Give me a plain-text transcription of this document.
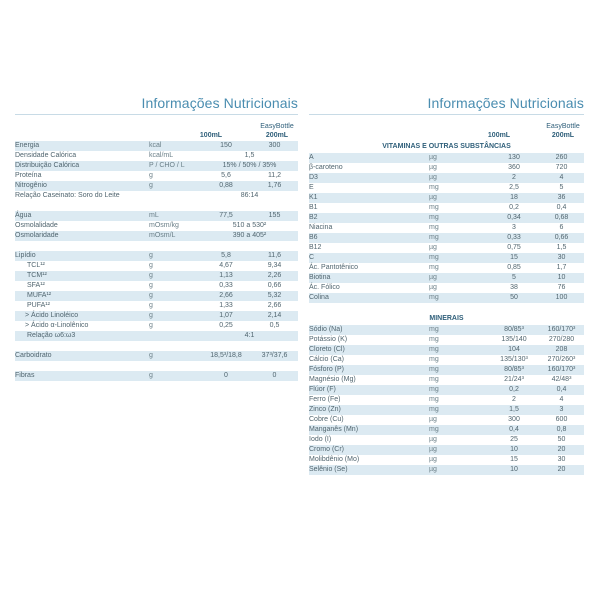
Informações Nutricionais
100mL
EasyBottle
200mL
Energia	kcal	150	300
Densidade Calórica	kcal/mL	1,5	
Distribuição Calórica	P / CHO / L	15% / 50% / 35%	
Proteína	g	5,6	11,2
Nitrogênio	g	0,88	1,76
Relação Caseinato: Soro do Leite		86:14	

Água	mL	77,5	155
Osmolalidade	mOsm/kg	510 a 530²	
Osmolaridade	mOsm/L	390 a 405²	

Lipídio	g	5,8	11,6
TCL¹²	g	4,67	9,34
TCM¹²	g	1,13	2,26
SFA¹²	g	0,33	0,66
MUFA¹²	g	2,66	5,32
PUFA¹²	g	1,33	2,66
> Ácido Linoléico	g	1,07	2,14
> Ácido α-Linolênico	g	0,25	0,5
Relação ω6:ω3		4:1	

Carboidrato	g	18,5³/18,8	37³/37,6

Fibras	g	0	0
Informações Nutricionais
100mL
EasyBottle
200mL
VITAMINAS E OUTRAS SUBSTÂNCIAS			
A	µg	130	260
β-caroteno	µg	360	720
D3	µg	2	4
E	mg	2,5	5
K1	µg	18	36
B1	mg	0,2	0,4
B2	mg	0,34	0,68
Niacina	mg	3	6
B6	mg	0,33	0,66
B12	µg	0,75	1,5
C	mg	15	30
Ác. Pantotênico	mg	0,85	1,7
Biotina	µg	5	10
Ác. Fólico	µg	38	76
Colina	mg	50	100

MINERAIS			
Sódio (Na)	mg	80/85³	160/170³
Potássio (K)	mg	135/140	270/280
Cloreto (Cl)	mg	104	208
Cálcio (Ca)	mg	135/130³	270/260³
Fósforo (P)	mg	80/85³	160/170³
Magnésio (Mg)	mg	21/24³	42/48³
Flúor (F)	mg	0,2	0,4
Ferro (Fe)	mg	2	4
Zinco (Zn)	mg	1,5	3
Cobre (Cu)	µg	300	600
Manganês (Mn)	mg	0,4	0,8
Iodo (I)	µg	25	50
Cromo (Cr)	µg	10	20
Molibdênio (Mo)	µg	15	30
Selênio (Se)	µg	10	20
